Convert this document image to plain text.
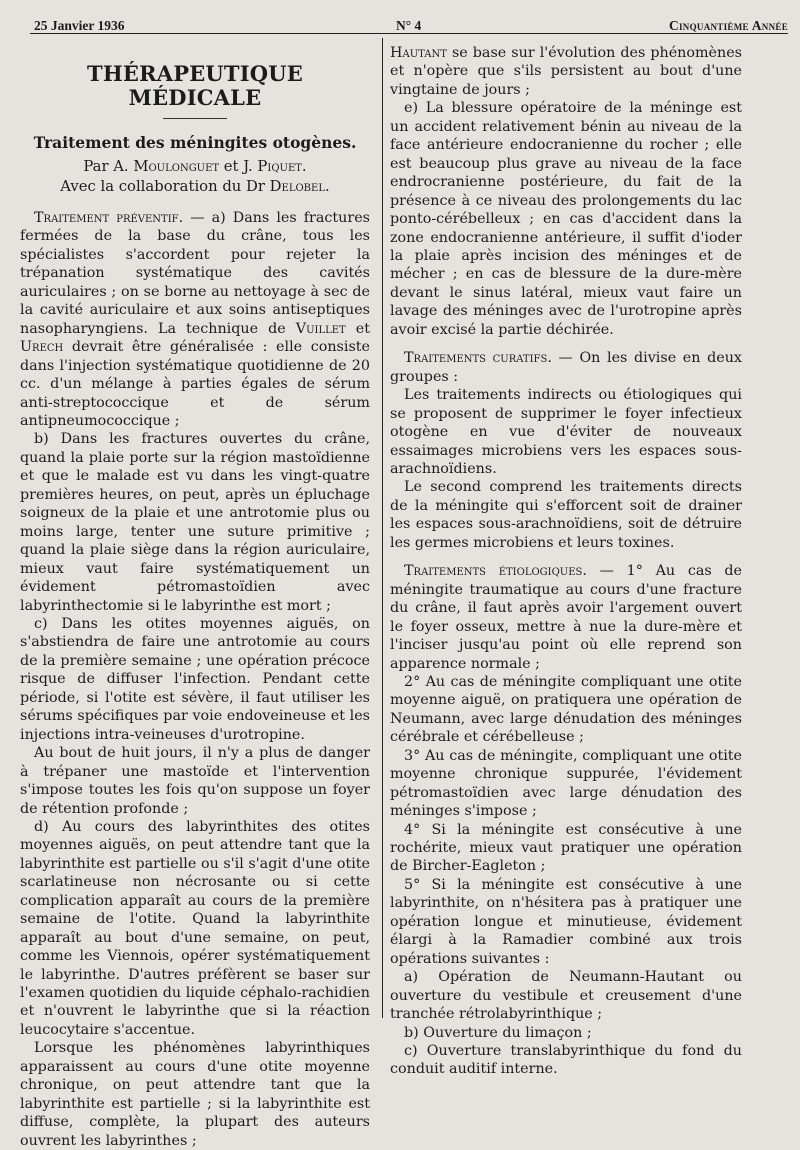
25 Janvier 1936	N° 4	Cinquantième Année
THÉRAPEUTIQUE MÉDICALE
Traitement des méningites otogènes.
Par A. Moulonguet et J. Piquet.
Avec la collaboration du Dr Delobel.

Traitement préventif. — a) Dans les fractures fermées de la base du crâne, tous les spécialistes s'accordent pour rejeter la trépanation systématique des cavités auriculaires ; on se borne au nettoyage à sec de la cavité auriculaire et aux soins antiseptiques nasopharyngiens. La technique de Vuillet et Urech devrait être généralisée : elle consiste dans l'injection systématique quotidienne de 20 cc. d'un mélange à parties égales de sérum anti-streptococcique et de sérum antipneumococcique ;

b) Dans les fractures ouvertes du crâne, quand la plaie porte sur la région mastoïdienne et que le malade est vu dans les vingt-quatre premières heures, on peut, après un épluchage soigneux de la plaie et une antrotomie plus ou moins large, tenter une suture primitive ; quand la plaie siège dans la région auriculaire, mieux vaut faire systématiquement un évidement pétromastoïdien avec labyrinthectomie si le labyrinthe est mort ;

c) Dans les otites moyennes aiguës, on s'abstiendra de faire une antrotomie au cours de la première semaine ; une opération précoce risque de diffuser l'infection. Pendant cette période, si l'otite est sévère, il faut utiliser les sérums spécifiques par voie endoveineuse et les injections intra-veineuses d'urotropine.

Au bout de huit jours, il n'y a plus de danger à trépaner une mastoïde et l'intervention s'impose toutes les fois qu'on suppose un foyer de rétention profonde ;

d) Au cours des labyrinthites des otites moyennes aiguës, on peut attendre tant que la labyrinthite est partielle ou s'il s'agit d'une otite scarlatineuse non nécrosante ou si cette complication apparaît au cours de la première semaine de l'otite. Quand la labyrinthite apparaît au bout d'une semaine, on peut, comme les Viennois, opérer systématiquement le labyrinthe. D'autres préfèrent se baser sur l'examen quotidien du liquide céphalo-rachidien et n'ouvrent le labyrinthe que si la réaction leucocytaire s'accentue.

Lorsque les phénomènes labyrinthiques apparaissent au cours d'une otite moyenne chronique, on peut attendre tant que la labyrinthite est partielle ; si la labyrinthite est diffuse, complète, la plupart des auteurs ouvrent les labyrinthes ;

Hautant se base sur l'évolution des phénomènes et n'opère que s'ils persistent au bout d'une vingtaine de jours ;

e) La blessure opératoire de la méninge est un accident relativement bénin au niveau de la face antérieure endocranienne du rocher ; elle est beaucoup plus grave au niveau de la face endrocranienne postérieure, du fait de la présence à ce niveau des prolongements du lac ponto-cérébelleux ; en cas d'accident dans la zone endocranienne antérieure, il suffit d'ioder la plaie après incision des méninges et de mécher ; en cas de blessure de la dure-mère devant le sinus latéral, mieux vaut faire un lavage des méninges avec de l'urotropine après avoir excisé la partie déchirée.

Traitements curatifs. — On les divise en deux groupes :

Les traitements indirects ou étiologiques qui se proposent de supprimer le foyer infectieux otogène en vue d'éviter de nouveaux essaimages microbiens vers les espaces sous-arachnoïdiens.

Le second comprend les traitements directs de la méningite qui s'efforcent soit de drainer les espaces sous-arachnoïdiens, soit de détruire les germes microbiens et leurs toxines.

Traitements étiologiques. — 1° Au cas de méningite traumatique au cours d'une fracture du crâne, il faut après avoir l'argement ouvert le foyer osseux, mettre à nue la dure-mère et l'inciser jusqu'au point où elle reprend son apparence normale ;

2° Au cas de méningite compliquant une otite moyenne aiguë, on pratiquera une opération de Neumann, avec large dénudation des méninges cérébrale et cérébelleuse ;

3° Au cas de méningite, compliquant une otite moyenne chronique suppurée, l'évidement pétromastoïdien avec large dénudation des méninges s'impose ;

4° Si la méningite est consécutive à une rochérite, mieux vaut pratiquer une opération de Bircher-Eagleton ;

5° Si la méningite est consécutive à une labyrinthite, on n'hésitera pas à pratiquer une opération longue et minutieuse, évidement élargi à la Ramadier combiné aux trois opérations suivantes :

a) Opération de Neumann-Hautant ou ouverture du vestibule et creusement d'une tranchée rétrolabyrinthique ;

b) Ouverture du limaçon ;

c) Ouverture translabyrinthique du fond du conduit auditif interne.
